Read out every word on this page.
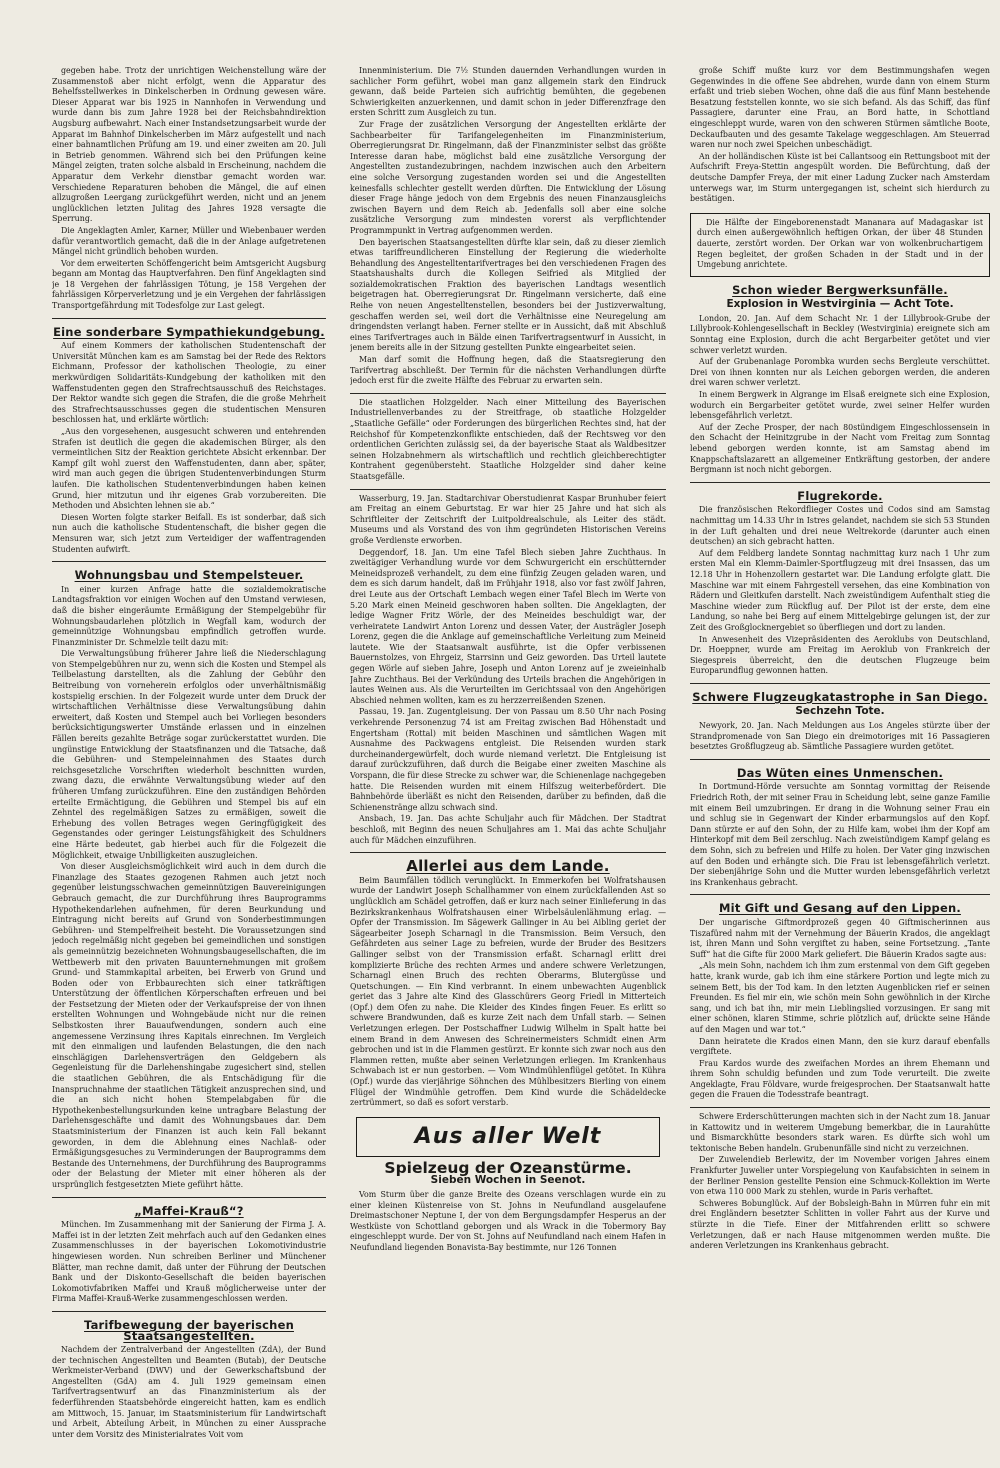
gegeben habe. Trotz der unrichtigen Weichenstellung wäre der Zusammenstoß aber nicht erfolgt, wenn die Apparatur des Behelfsstellwerkes in Dinkelscherben in Ordnung gewesen wäre. Dieser Apparat war bis 1925 in Nannhofen in Verwendung und wurde dann bis zum Jahre 1928 bei der Reichsbahndirektion Augsburg aufbewahrt. Nach einer Instandsetzungsarbeit wurde der Apparat im Bahnhof Dinkelscherben im März aufgestellt und nach einer bahnamtlichen Prüfung am 19. und einer zweiten am 20. Juli in Betrieb genommen. Während sich bei den Prüfungen keine Mängel zeigten, traten solche alsbald in Erscheinung, nachdem die Apparatur dem Verkehr dienstbar gemacht worden war. Verschiedene Reparaturen behoben die Mängel, die auf einen allzugroßen Leergang zurückgeführt werden, nicht und an jenem unglücklichen letzten Julitag des Jahres 1928 versagte die Sperrung.

Die Angeklagten Amler, Karner, Müller und Wiebenbauer werden dafür verantwortlich gemacht, daß die in der Anlage aufgetretenen Mängel nicht gründlich behoben wurden.

Vor dem erweiterten Schöffengericht beim Amtsgericht Augsburg begann am Montag das Hauptverfahren. Den fünf Angeklagten sind je 18 Vergehen der fahrlässigen Tötung, je 158 Vergehen der fahrlässigen Körperverletzung und je ein Vergehen der fahrlässigen Transportgefährdung mit Todesfolge zur Last gelegt.

Eine sonderbare Sympathiekundgebung.

Auf einem Kommers der katholischen Studentenschaft der Universität München kam es am Samstag bei der Rede des Rektors Eichmann, Professor der katholischen Theologie, zu einer merkwürdigen Solidaritäts-Kundgebung der katholiken mit den Waffenstudenten gegen den Strafrechtsausschuß des Reichstages. Der Rektor wandte sich gegen die Strafen, die die große Mehrheit des Strafrechtsausschusses gegen die studentischen Mensuren beschlossen hat, und erklärte wörtlich:

„Aus den vorgesehenen, ausgesucht schweren und entehrenden Strafen ist deutlich die gegen die akademischen Bürger, als den vermeintlichen Sitz der Reaktion gerichtete Absicht erkennbar. Der Kampf gilt wohl zuerst den Waffenstudenten, dann aber, später, wird man auch gegen die übrigen Studentenverbindungen Sturm laufen. Die katholischen Studentenverbindungen haben keinen Grund, hier mitzutun und ihr eigenes Grab vorzubereiten. Die Methoden und Absichten lehnen sie ab.“

Diesen Worten folgte starker Beifall. Es ist sonderbar, daß sich nun auch die katholische Studentenschaft, die bisher gegen die Mensuren war, sich jetzt zum Verteidiger der waffentragenden Studenten aufwirft.

Wohnungsbau und Stempelsteuer.

In einer kurzen Anfrage hatte die sozialdemokratische Landtagsfraktion vor einigen Wochen auf den Umstand verwiesen, daß die bisher eingeräumte Ermäßigung der Stempelgebühr für Wohnungsbaudarlehen plötzlich in Wegfall kam, wodurch der gemeinnützige Wohnungsbau empfindlich getroffen wurde. Finanzminister Dr. Schmelzle teilt dazu mit:

Die Verwaltungsübung früherer Jahre ließ die Niederschlagung von Stempelgebühren nur zu, wenn sich die Kosten und Stempel als Teilbelastung darstellten, als die Zahlung der Gebühr den Beitreibung von vorneherein erfolglos oder unverhältnismäßig kostspielig erschien. In der Folgezeit wurde unter dem Druck der wirtschaftlichen Verhältnisse diese Verwaltungsübung dahin erweitert, daß Kosten und Stempel auch bei Vorliegen besonders berücksichtigungswerter Umstände erlassen und in einzelnen Fällen bereits gezahlte Beträge sogar zurückerstattet wurden. Die ungünstige Entwicklung der Staatsfinanzen und die Tatsache, daß die Gebühren- und Stempeleinnahmen des Staates durch reichsgesetzliche Vorschriften wiederholt beschnitten wurden, zwang dazu, die erwähnte Verwaltungsübung wieder auf den früheren Umfang zurückzuführen. Eine den zuständigen Behörden erteilte Ermächtigung, die Gebühren und Stempel bis auf ein Zehntel des regelmäßigen Satzes zu ermäßigen, soweit die Erhebung des vollen Betrages wegen Geringfügigkeit des Gegenstandes oder geringer Leistungsfähigkeit des Schuldners eine Härte bedeutet, gab hierbei auch für die Folgezeit die Möglichkeit, etwaige Unbilligkeiten auszugleichen.

Von dieser Ausgleichsmöglichkeit wird auch in dem durch die Finanzlage des Staates gezogenen Rahmen auch jetzt noch gegenüber leistungsschwachen gemeinnützigen Bauvereinigungen Gebrauch gemacht, die zur Durchführung ihres Bauprogramms Hypothekendarlehen aufnehmen, für deren Beurkundung und Eintragung nicht bereits auf Grund von Sonderbestimmungen Gebühren- und Stempelfreiheit besteht. Die Voraussetzungen sind jedoch regelmäßig nicht gegeben bei gemeindlichen und sonstigen als gemeinnützig bezeichneten Wohnungsbaugesellschaften, die im Wettbewerb mit den privaten Bauunternehmungen mit großem Grund- und Stammkapital arbeiten, bei Erwerb von Grund und Boden oder von Erbbaurechten sich einer tatkräftigen Unterstützung der öffentlichen Körperschaften erfreuen und bei der Festsetzung der Mieten oder der Verkaufspreise der von ihnen erstellten Wohnungen und Wohngebäude nicht nur die reinen Selbstkosten ihrer Bauaufwendungen, sondern auch eine angemessene Verzinsung ihres Kapitals einrechnen. Im Vergleich mit den einmaligen und laufenden Belastungen, die den nach einschlägigen Darlehensverträgen den Geldgebern als Gegenleistung für die Darlehenshingabe zugesichert sind, stellen die staatlichen Gebühren, die als Entschädigung für die Inanspruchnahme der staatlichen Tätigkeit anzusprechen sind, und die an sich nicht hohen Stempelabgaben für die Hypothekenbestellungsurkunden keine untragbare Belastung der Darlehensgeschäfte und damit des Wohnungsbaues dar. Dem Staatsministerium der Finanzen ist auch kein Fall bekannt geworden, in dem die Ablehnung eines Nachlaß- oder Ermäßigungsgesuches zu Verminderungen der Bauprogramms dem Bestande des Unternehmens, der Durchführung des Bauprogramms oder der Belastung der Mieter mit einer höheren als der ursprünglich festgesetzten Miete geführt hätte.

„Maffei-Krauß“?

München. Im Zusammenhang mit der Sanierung der Firma J. A. Maffei ist in der letzten Zeit mehrfach auch auf den Gedanken eines Zusammenschlusses in der bayerischen Lokomotivindustrie hingewiesen worden. Nun schreiben Berliner und Münchener Blätter, man rechne damit, daß unter der Führung der Deutschen Bank und der Diskonto-Gesellschaft die beiden bayerischen Lokomotivfabriken Maffei und Krauß möglicherweise unter der Firma Maffei-Krauß-Werke zusammengeschlossen werden.

Tarifbewegung der bayerischen Staatsangestellten.

Nachdem der Zentralverband der Angestellten (ZdA), der Bund der technischen Angestellten und Beamten (Butab), der Deutsche Werkmeister-Verband (DWV) und der Gewerkschaftsbund der Angestellten (GdA) am 4. Juli 1929 gemeinsam einen Tarifvertragsentwurf an das Finanzministerium als der federführenden Staatsbehörde eingereicht hatten, kam es endlich am Mittwoch, 15. Januar, im Staatsministerium für Landwirtschaft und Arbeit, Abteilung Arbeit, in München zu einer Aussprache unter dem Vorsitz des Ministerialrates Voit vom

Innenministerium. Die 7½ Stunden dauernden Verhandlungen wurden in sachlicher Form geführt, wobei man ganz allgemein stark den Eindruck gewann, daß beide Parteien sich aufrichtig bemühten, die gegebenen Schwierigkeiten anzuerkennen, und damit schon in jeder Differenzfrage den ersten Schritt zum Ausgleich zu tun.

Zur Frage der zusätzlichen Versorgung der Angestellten erklärte der Sachbearbeiter für Tarifangelegenheiten im Finanzministerium, Oberregierungsrat Dr. Ringelmann, daß der Finanzminister selbst das größte Interesse daran habe, möglichst bald eine zusätzliche Versorgung der Angestellten zustandezubringen, nachdem inzwischen auch den Arbeitern eine solche Versorgung zugestanden worden sei und die Angestellten keinesfalls schlechter gestellt werden dürften. Die Entwicklung der Lösung dieser Frage hänge jedoch von dem Ergebnis des neuen Finanzausgleichs zwischen Bayern und dem Reich ab. Jedenfalls soll aber eine solche zusätzliche Versorgung zum mindesten vorerst als verpflichtender Programmpunkt in Vertrag aufgenommen werden.

Den bayerischen Staatsangestellten dürfte klar sein, daß zu dieser ziemlich etwas tariffreundlicheren Einstellung der Regierung die wiederholte Behandlung des Angestelltentarifvertrages bei den verschiedenen Fragen des Staatshaushalts durch die Kollegen Seifried als Mitglied der sozialdemokratischen Fraktion des bayerischen Landtags wesentlich beigetragen hat. Oberregierungsrat Dr. Ringelmann versicherte, daß eine Reihe von neuen Angestelltenstellen, besonders bei der Justizverwaltung, geschaffen werden sei, weil dort die Verhältnisse eine Neuregelung am dringendsten verlangt haben. Ferner stellte er in Aussicht, daß mit Abschluß eines Tarifvertrages auch in Bälde einen Tarifvertragsentwurf in Aussicht, in jenem bereits alle in der Sitzung gestellten Punkte eingearbeitet seien.

Man darf somit die Hoffnung hegen, daß die Staatsregierung den Tarifvertrag abschließt. Der Termin für die nächsten Verhandlungen dürfte jedoch erst für die zweite Hälfte des Februar zu erwarten sein.

Die staatlichen Holzgelder. Nach einer Mitteilung des Bayerischen Industriellenverbandes zu der Streitfrage, ob staatliche Holzgelder „Staatliche Gefälle“ oder Forderungen des bürgerlichen Rechtes sind, hat der Reichshof für Kompetenzkonflikte entschieden, daß der Rechtsweg vor den ordentlichen Gerichten zulässig sei, da der bayerische Staat als Waldbesitzer seinen Holzabnehmern als wirtschaftlich und rechtlich gleichberechtigter Kontrahent gegenübersteht. Staatliche Holzgelder sind daher keine Staatsgefälle.

Wasserburg, 19. Jan. Stadtarchivar Oberstudienrat Kaspar Brunhuber feiert am Freitag an einem Geburtstag. Er war hier 25 Jahre und hat sich als Schriftleiter der Zeitschrift der Luitpoldrealschule, als Leiter des städt. Museums und als Vorstand des von ihm gegründeten Historischen Vereins große Verdienste erworben.

Deggendorf, 18. Jan. Um eine Tafel Blech sieben Jahre Zuchthaus. In zweitägiger Verhandlung wurde vor dem Schwurgericht ein erschütternder Meineidsprozeß verhandelt, zu dem eine fünfzig Zeugen geladen waren, und dem es sich darum handelt, daß im Frühjahr 1918, also vor fast zwölf Jahren, drei Leute aus der Ortschaft Lembach wegen einer Tafel Blech im Werte von 5.20 Mark einen Meineid geschworen haben sollten. Die Angeklagten, der ledige Wagner Fritz Wörle, der des Meineides beschuldigt war, der verheiratete Landwirt Anton Lorenz und dessen Vater, der Austrägler Joseph Lorenz, gegen die die Anklage auf gemeinschaftliche Verleitung zum Meineid lautete. Wie der Staatsanwalt ausführte, ist die Opfer verbissenen Bauernstolzes, von Ehrgeiz, Starrsinn und Geiz geworden. Das Urteil lautete gegen Wörle auf sieben Jahre, Joseph und Anton Lorenz auf je zweieinhalb Jahre Zuchthaus. Bei der Verkündung des Urteils brachen die Angehörigen in lautes Weinen aus. Als die Verurteilten im Gerichtssaal von den Angehörigen Abschied nehmen wollten, kam es zu herzzerreißenden Szenen.

Passau, 19. Jan. Zugentgleisung. Der von Passau um 8.50 Uhr nach Posing verkehrende Personenzug 74 ist am Freitag zwischen Bad Höhenstadt und Engertsham (Rottal) mit beiden Maschinen und sämtlichen Wagen mit Ausnahme des Packwagens entgleist. Die Reisenden wurden stark durcheinandergewürfelt, doch wurde niemand verletzt. Die Entgleisung ist darauf zurückzuführen, daß durch die Beigabe einer zweiten Maschine als Vorspann, die für diese Strecke zu schwer war, die Schienenlage nachgegeben hatte. Die Reisenden wurden mit einem Hilfszug weiterbefördert. Die Bahnbehörde überläßt es nicht den Reisenden, darüber zu befinden, daß die Schienenstränge allzu schwach sind.

Ansbach, 19. Jan. Das achte Schuljahr auch für Mädchen. Der Stadtrat beschloß, mit Beginn des neuen Schuljahres am 1. Mai das achte Schuljahr auch für Mädchen einzuführen.

Allerlei aus dem Lande.

Beim Baumfällen tödlich verunglückt. In Emmerkofen bei Wolfratshausen wurde der Landwirt Joseph Schallhammer von einem zurückfallenden Ast so unglücklich am Schädel getroffen, daß er kurz nach seiner Einlieferung in das Bezirkskrankenhaus Wolfratshausen einer Wirbelsäulenlähmung erlag. — Opfer der Transmission. Im Sägewerk Gallinger in Au bei Aibling geriet der Sägearbeiter Joseph Scharnagl in die Transmission. Beim Versuch, den Gefährdeten aus seiner Lage zu befreien, wurde der Bruder des Besitzers Gallinger selbst von der Transmission erfaßt. Scharnagl erlitt drei komplizierte Brüche des rechten Armes und andere schwere Verletzungen, Scharnagl einen Bruch des rechten Oberarms, Blutergüsse und Quetschungen. — Ein Kind verbrannt. In einem unbewachten Augenblick geriet das 3 Jahre alte Kind des Glasschürers Georg Friedl in Mitterteich (Opf.) dem Ofen zu nahe. Die Kleider des Kindes fingen Feuer. Es erlitt so schwere Brandwunden, daß es kurze Zeit nach dem Unfall starb. — Seinen Verletzungen erlegen. Der Postschaffner Ludwig Wilhelm in Spalt hatte bei einem Brand in dem Anwesen des Schreinermeisters Schmidt einen Arm gebrochen und ist in die Flammen gestürzt. Er konnte sich zwar noch aus den Flammen retten, mußte aber seinen Verletzungen erliegen. Im Krankenhaus Schwabach ist er nun gestorben. — Vom Windmühlenflügel getötet. In Kühra (Opf.) wurde das vierjährige Söhnchen des Mühlbesitzers Bierling von einem Flügel der Windmühle getroffen. Dem Kind wurde die Schädeldecke zertrümmert, so daß es sofort verstarb.

Aus aller Welt
Spielzeug der Ozeanstürme.
Sieben Wochen in Seenot.

Vom Sturm über die ganze Breite des Ozeans verschlagen wurde ein zu einer kleinen Küstenreise von St. Johns in Neufundland ausgelaufene Dreimastschoner Neptune I, der von dem Bergungsdampfer Hesperus an der Westküste von Schottland geborgen und als Wrack in die Tobermory Bay eingeschleppt wurde. Der von St. Johns auf Neufundland nach einem Hafen in Neufundland liegenden Bonavista-Bay bestimmte, nur 126 Tonnen

große Schiff mußte kurz vor dem Bestimmungshafen wegen Gegenwindes in die offene See abdrehen, wurde dann von einem Sturm erfaßt und trieb sieben Wochen, ohne daß die aus fünf Mann bestehende Besatzung feststellen konnte, wo sie sich befand. Als das Schiff, das fünf Passagiere, darunter eine Frau, an Bord hatte, in Schottland eingeschleppt wurde, waren von den schweren Stürmen sämtliche Boote, Deckaufbauten und des gesamte Takelage weggeschlagen. Am Steuerrad waren nur noch zwei Speichen unbeschädigt.

An der holländischen Küste ist bei Callantsoog ein Rettungsboot mit der Aufschrift Freya-Stettin angespült worden. Die Befürchtung, daß der deutsche Dampfer Freya, der mit einer Ladung Zucker nach Amsterdam unterwegs war, im Sturm untergegangen ist, scheint sich hierdurch zu bestätigen.

Die Hälfte der Eingeborenenstadt Mananara auf Madagaskar ist durch einen außergewöhnlich heftigen Orkan, der über 48 Stunden dauerte, zerstört worden. Der Orkan war von wolkenbruchartigem Regen begleitet, der großen Schaden in der Stadt und in der Umgebung anrichtete.

Schon wieder Bergwerksunfälle.
Explosion in Westvirginia — Acht Tote.

London, 20. Jan. Auf dem Schacht Nr. 1 der Lillybrook-Grube der Lillybrook-Kohlengesellschaft in Beckley (Westvirginia) ereignete sich am Sonntag eine Explosion, durch die acht Bergarbeiter getötet und vier schwer verletzt wurden.

Auf der Grubenanlage Porombka wurden sechs Bergleute verschüttet. Drei von ihnen konnten nur als Leichen geborgen werden, die anderen drei waren schwer verletzt.

In einem Bergwerk in Algrange im Elsaß ereignete sich eine Explosion, wodurch ein Bergarbeiter getötet wurde, zwei seiner Helfer wurden lebensgefährlich verletzt.

Auf der Zeche Prosper, der nach 80stündigem Eingeschlossensein in den Schacht der Heinitzgrube in der Nacht vom Freitag zum Sonntag lebend geborgen werden konnte, ist am Samstag abend im Knappschaftslazarett an allgemeiner Entkräftung gestorben, der andere Bergmann ist noch nicht geborgen.

Flugrekorde.

Die französischen Rekordflieger Costes und Codos sind am Samstag nachmittag um 14.33 Uhr in Istres gelandet, nachdem sie sich 53 Stunden in der Luft gehalten und drei neue Weltrekorde (darunter auch einen deutschen) an sich gebracht hatten.

Auf dem Feldberg landete Sonntag nachmittag kurz nach 1 Uhr zum ersten Mal ein Klemm-Daimler-Sportflugzeug mit drei Insassen, das um 12.18 Uhr in Hohenzollern gestartet war. Die Landung erfolgte glatt. Die Maschine war mit einem Fahrgestell versehen, das eine Kombination von Rädern und Gleitkufen darstellt. Nach zweistündigem Aufenthalt stieg die Maschine wieder zum Rückflug auf. Der Pilot ist der erste, dem eine Landung, so nahe bei Berg auf einem Mittelgebirge gelungen ist, der zur Zeit des Großglocknergebiet so überfliegen und dort zu landen.

In Anwesenheit des Vizepräsidenten des Aeroklubs von Deutschland, Dr. Hoeppner, wurde am Freitag im Aeroklub von Frankreich der Siegespreis überreicht, den die deutschen Flugzeuge beim Europarundflug gewonnen hatten.

Schwere Flugzeugkatastrophe in San Diego.
Sechzehn Tote.

Newyork, 20. Jan. Nach Meldungen aus Los Angeles stürzte über der Strandpromenade von San Diego ein dreimotoriges mit 16 Passagieren besetztes Großflugzeug ab. Sämtliche Passagiere wurden getötet.

Das Wüten eines Unmenschen.

In Dortmund-Hörde versuchte am Sonntag vormittag der Reisende Friedrich Roth, der mit seiner Frau in Scheidung lebt, seine ganze Familie mit einem Beil umzubringen. Er drang in die Wohnung seiner Frau ein und schlug sie in Gegenwart der Kinder erbarmungslos auf den Kopf. Dann stürzte er auf den Sohn, der zu Hilfe kam, wobei ihm der Kopf am Hinterkopf mit dem Beil zerschlug. Nach zweistündigem Kampf gelang es dem Sohn, sich zu befreien und Hilfe zu holen. Der Vater ging inzwischen auf den Boden und erhängte sich. Die Frau ist lebensgefährlich verletzt. Der siebenjährige Sohn und die Mutter wurden lebensgefährlich verletzt ins Krankenhaus gebracht.

Mit Gift und Gesang auf den Lippen.

Der ungarische Giftmordprozeß gegen 40 Giftmischerinnen aus Tiszafüred nahm mit der Vernehmung der Bäuerin Krados, die angeklagt ist, ihren Mann und Sohn vergiftet zu haben, seine Fortsetzung. „Tante Suff“ hat die Gifte für 2000 Mark geliefert. Die Bäuerin Krados sagte aus:

„Als mein Sohn, nachdem ich ihm zum erstenmal von dem Gift gegeben hatte, krank wurde, gab ich ihm eine stärkere Portion und legte mich zu seinem Bett, bis der Tod kam. In den letzten Augenblicken rief er seinen Freunden. Es fiel mir ein, wie schön mein Sohn gewöhnlich in der Kirche sang, und ich bat ihn, mir mein Lieblingslied vorzusingen. Er sang mit einer schönen, klaren Stimme, schrie plötzlich auf, drückte seine Hände auf den Magen und war tot.“

Dann heiratete die Krados einen Mann, den sie kurz darauf ebenfalls vergiftete.

Frau Kardos wurde des zweifachen Mordes an ihrem Ehemann und ihrem Sohn schuldig befunden und zum Tode verurteilt. Die zweite Angeklagte, Frau Földvare, wurde freigesprochen. Der Staatsanwalt hatte gegen die Frauen die Todesstrafe beantragt.

Schwere Erderschütterungen machten sich in der Nacht zum 18. Januar in Kattowitz und in weiterem Umgebung bemerkbar, die in Laurahütte und Bismarckhütte besonders stark waren. Es dürfte sich wohl um tektonische Beben handeln. Grubenunfälle sind nicht zu verzeichnen.

Der Zuwelendieb Berlewitz, der im November vorigen Jahres einem Frankfurter Juwelier unter Vorspiegelung von Kaufabsichten in seinem in der Berliner Pension gestellte Pension eine Schmuck-Kollektion im Werte von etwa 110 000 Mark zu stehlen, wurde in Paris verhaftet.

Schweres Bobunglück. Auf der Bobsleigh-Bahn in Mürren fuhr ein mit drei Engländern besetzter Schlitten in voller Fahrt aus der Kurve und stürzte in die Tiefe. Einer der Mitfahrenden erlitt so schwere Verletzungen, daß er nach Hause mitgenommen werden mußte. Die anderen Verletzungen ins Krankenhaus gebracht.
